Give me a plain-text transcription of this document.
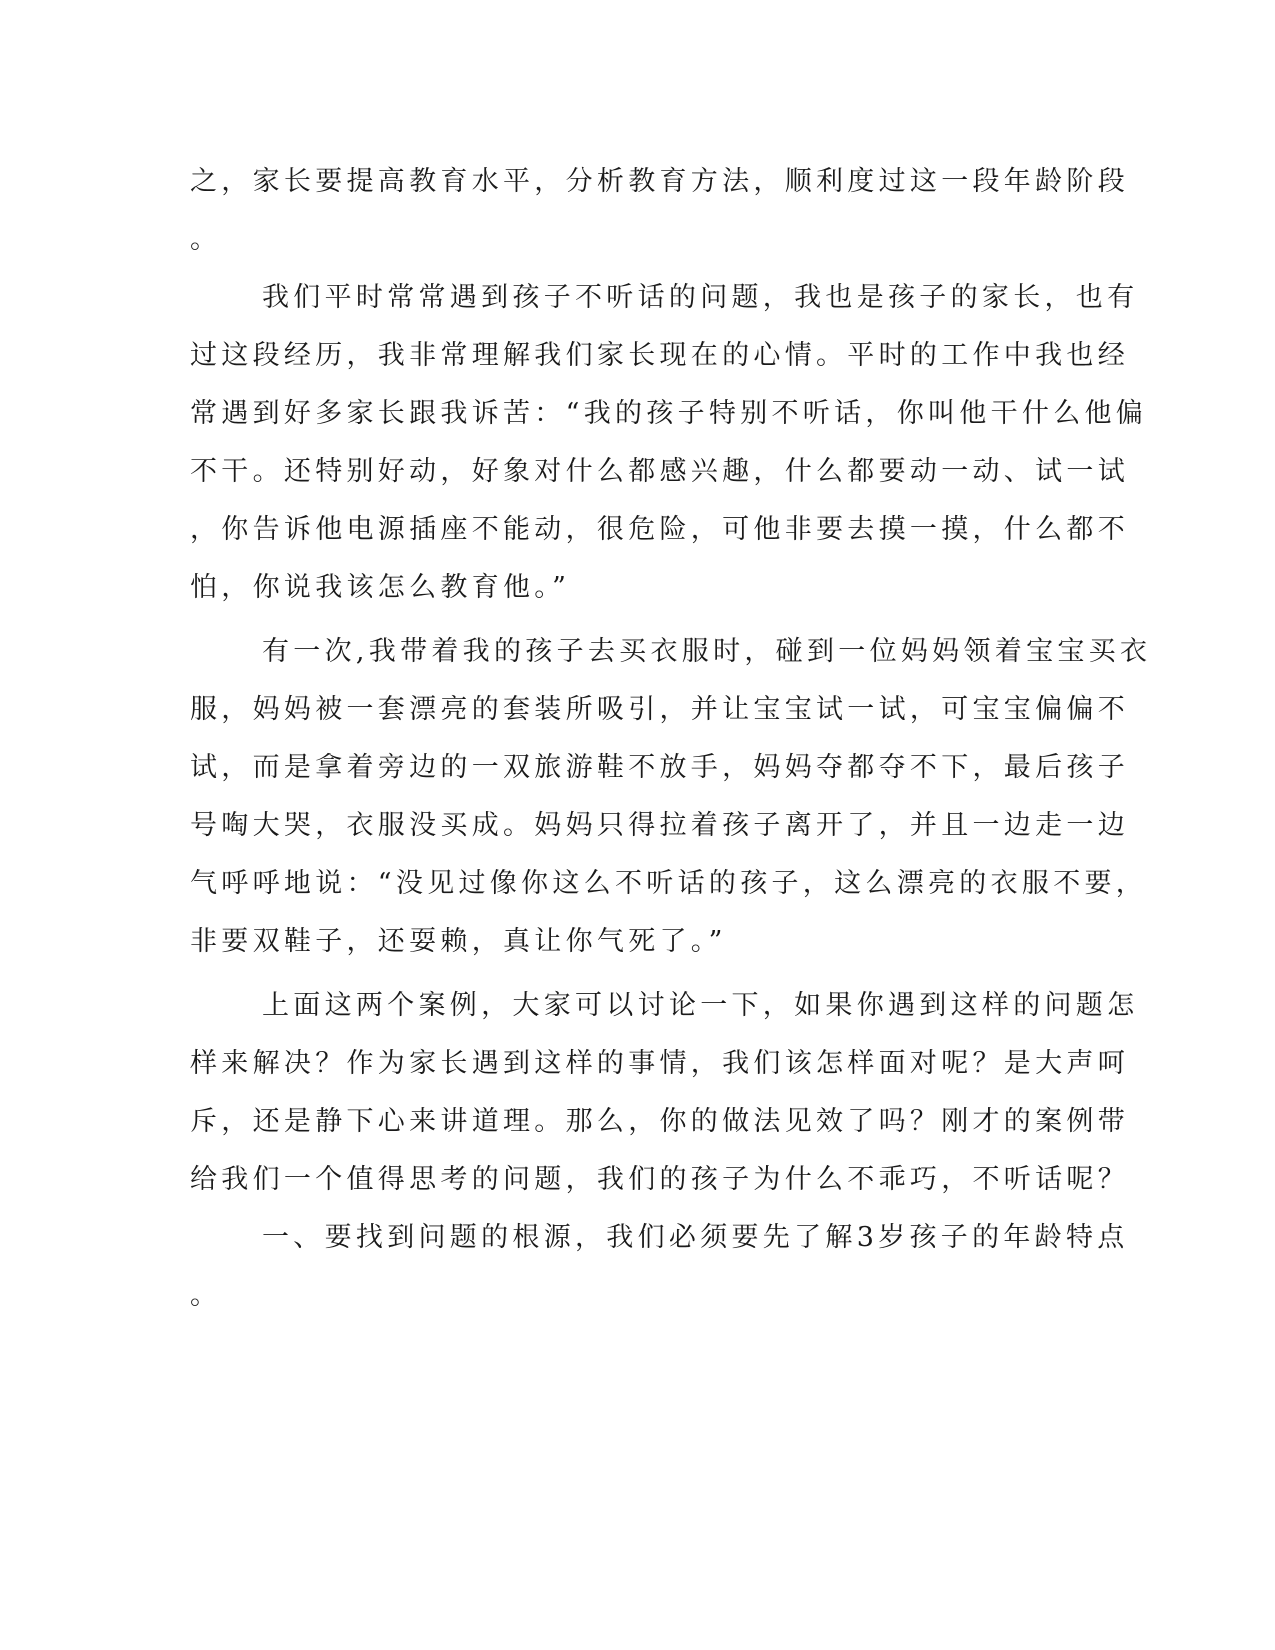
之，家长要提高教育水平，分析教育方法，顺利度过这一段年龄阶段
。
我们平时常常遇到孩子不听话的问题，我也是孩子的家长，也有
过这段经历，我非常理解我们家长现在的心情。平时的工作中我也经
常遇到好多家长跟我诉苦：“我的孩子特别不听话，你叫他干什么他偏
不干。还特别好动，好象对什么都感兴趣，什么都要动一动、试一试
，你告诉他电源插座不能动，很危险，可他非要去摸一摸，什么都不
怕，你说我该怎么教育他。”
有一次,我带着我的孩子去买衣服时，碰到一位妈妈领着宝宝买衣
服，妈妈被一套漂亮的套装所吸引，并让宝宝试一试，可宝宝偏偏不
试，而是拿着旁边的一双旅游鞋不放手，妈妈夺都夺不下，最后孩子
号啕大哭，衣服没买成。妈妈只得拉着孩子离开了，并且一边走一边
气呼呼地说：“没见过像你这么不听话的孩子，这么漂亮的衣服不要，
非要双鞋子，还耍赖，真让你气死了。”
上面这两个案例，大家可以讨论一下，如果你遇到这样的问题怎
样来解决？作为家长遇到这样的事情，我们该怎样面对呢？是大声呵
斥，还是静下心来讲道理。那么，你的做法见效了吗？刚才的案例带
给我们一个值得思考的问题，我们的孩子为什么不乖巧，不听话呢？
一、要找到问题的根源，我们必须要先了解3岁孩子的年龄特点
。
